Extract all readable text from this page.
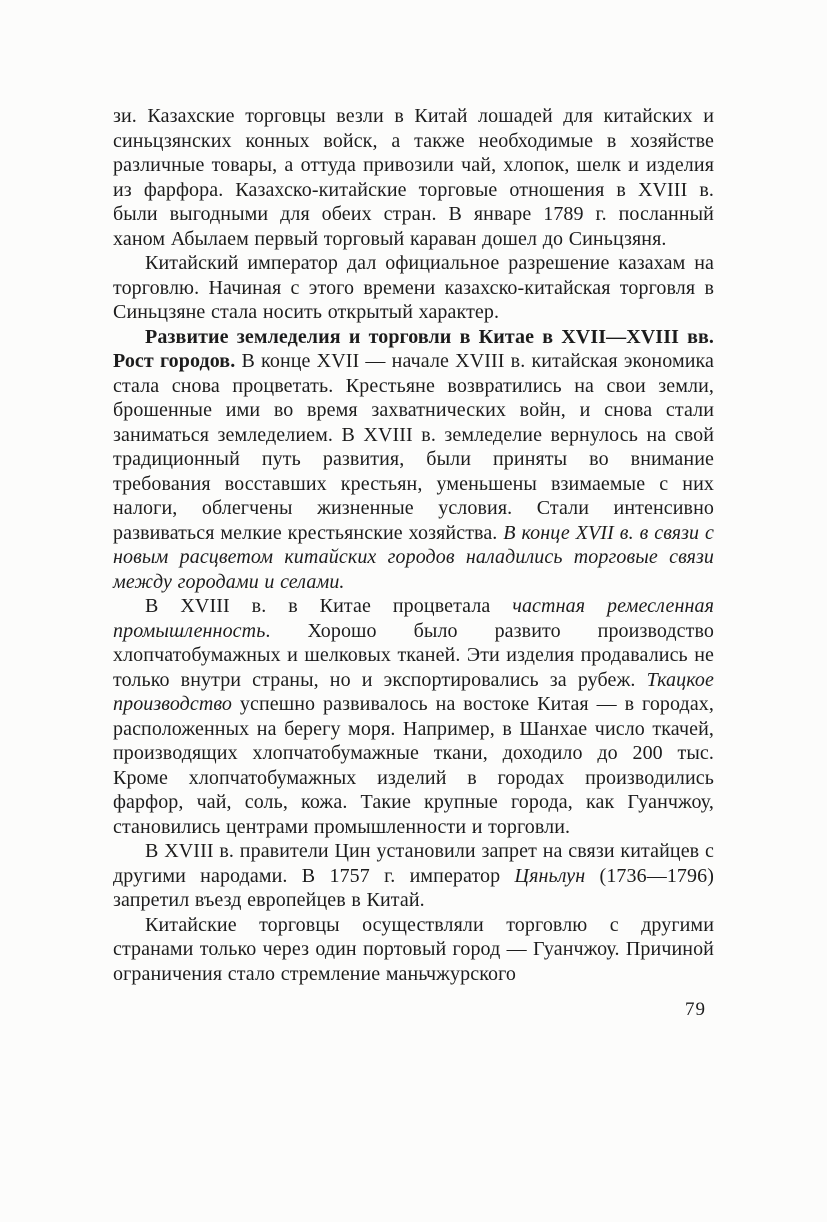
зи. Казахские торговцы везли в Китай лошадей для китайских и синьцзянских конных войск, а также необходимые в хозяйстве различные товары, а оттуда привозили чай, хлопок, шелк и изделия из фарфора. Казахско-китайские торговые отношения в XVIII в. были выгодными для обеих стран. В январе 1789 г. посланный ханом Абылаем первый торговый караван дошел до Синьцзяня.

Китайский император дал официальное разрешение казахам на торговлю. Начиная с этого времени казахско-китайская торговля в Синьцзяне стала носить открытый характер.

Развитие земледелия и торговли в Китае в XVII—XVIII вв. Рост городов. В конце XVII — начале XVIII в. китайская экономика стала снова процветать. Крестьяне возвратились на свои земли, брошенные ими во время захватнических войн, и снова стали заниматься земледелием. В XVIII в. земледелие вернулось на свой традиционный путь развития, были приняты во внимание требования восставших крестьян, уменьшены взимаемые с них налоги, облегчены жизненные условия. Стали интенсивно развиваться мелкие крестьянские хозяйства. В конце XVII в. в связи с новым расцветом китайских городов наладились торговые связи между городами и селами.

В XVIII в. в Китае процветала частная ремесленная промышленность. Хорошо было развито производство хлопчатобумажных и шелковых тканей. Эти изделия продавались не только внутри страны, но и экспортировались за рубеж. Ткацкое производство успешно развивалось на востоке Китая — в городах, расположенных на берегу моря. Например, в Шанхае число ткачей, производящих хлопчатобумажные ткани, доходило до 200 тыс. Кроме хлопчатобумажных изделий в городах производились фарфор, чай, соль, кожа. Такие крупные города, как Гуанчжоу, становились центрами промышленности и торговли.

В XVIII в. правители Цин установили запрет на связи китайцев с другими народами. В 1757 г. император Цяньлун (1736—1796) запретил въезд европейцев в Китай.

Китайские торговцы осуществляли торговлю с другими странами только через один портовый город — Гуанчжоу. Причиной ограничения стало стремление маньчжурского

79
